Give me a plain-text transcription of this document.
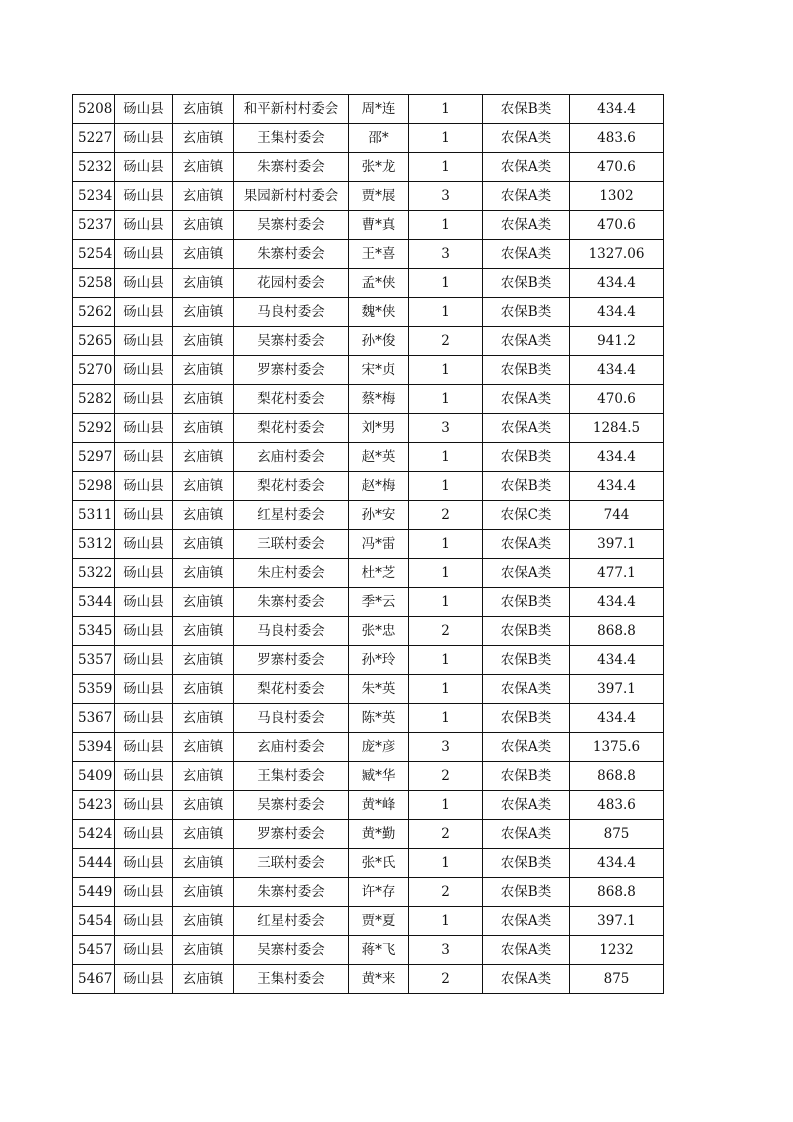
5208	砀山县	玄庙镇	和平新村村委会	周*连	1	农保B类	434.4
5227	砀山县	玄庙镇	王集村委会	邵*	1	农保A类	483.6
5232	砀山县	玄庙镇	朱寨村委会	张*龙	1	农保A类	470.6
5234	砀山县	玄庙镇	果园新村村委会	贾*展	3	农保A类	1302
5237	砀山县	玄庙镇	吴寨村委会	曹*真	1	农保A类	470.6
5254	砀山县	玄庙镇	朱寨村委会	王*喜	3	农保A类	1327.06
5258	砀山县	玄庙镇	花园村委会	孟*侠	1	农保B类	434.4
5262	砀山县	玄庙镇	马良村委会	魏*侠	1	农保B类	434.4
5265	砀山县	玄庙镇	吴寨村委会	孙*俊	2	农保A类	941.2
5270	砀山县	玄庙镇	罗寨村委会	宋*贞	1	农保B类	434.4
5282	砀山县	玄庙镇	梨花村委会	蔡*梅	1	农保A类	470.6
5292	砀山县	玄庙镇	梨花村委会	刘*男	3	农保A类	1284.5
5297	砀山县	玄庙镇	玄庙村委会	赵*英	1	农保B类	434.4
5298	砀山县	玄庙镇	梨花村委会	赵*梅	1	农保B类	434.4
5311	砀山县	玄庙镇	红星村委会	孙*安	2	农保C类	744
5312	砀山县	玄庙镇	三联村委会	冯*雷	1	农保A类	397.1
5322	砀山县	玄庙镇	朱庄村委会	杜*芝	1	农保A类	477.1
5344	砀山县	玄庙镇	朱寨村委会	季*云	1	农保B类	434.4
5345	砀山县	玄庙镇	马良村委会	张*忠	2	农保B类	868.8
5357	砀山县	玄庙镇	罗寨村委会	孙*玲	1	农保B类	434.4
5359	砀山县	玄庙镇	梨花村委会	朱*英	1	农保A类	397.1
5367	砀山县	玄庙镇	马良村委会	陈*英	1	农保B类	434.4
5394	砀山县	玄庙镇	玄庙村委会	庞*彦	3	农保A类	1375.6
5409	砀山县	玄庙镇	王集村委会	臧*华	2	农保B类	868.8
5423	砀山县	玄庙镇	吴寨村委会	黄*峰	1	农保A类	483.6
5424	砀山县	玄庙镇	罗寨村委会	黄*勤	2	农保A类	875
5444	砀山县	玄庙镇	三联村委会	张*氏	1	农保B类	434.4
5449	砀山县	玄庙镇	朱寨村委会	许*存	2	农保B类	868.8
5454	砀山县	玄庙镇	红星村委会	贾*夏	1	农保A类	397.1
5457	砀山县	玄庙镇	吴寨村委会	蒋*飞	3	农保A类	1232
5467	砀山县	玄庙镇	王集村委会	黄*来	2	农保A类	875
